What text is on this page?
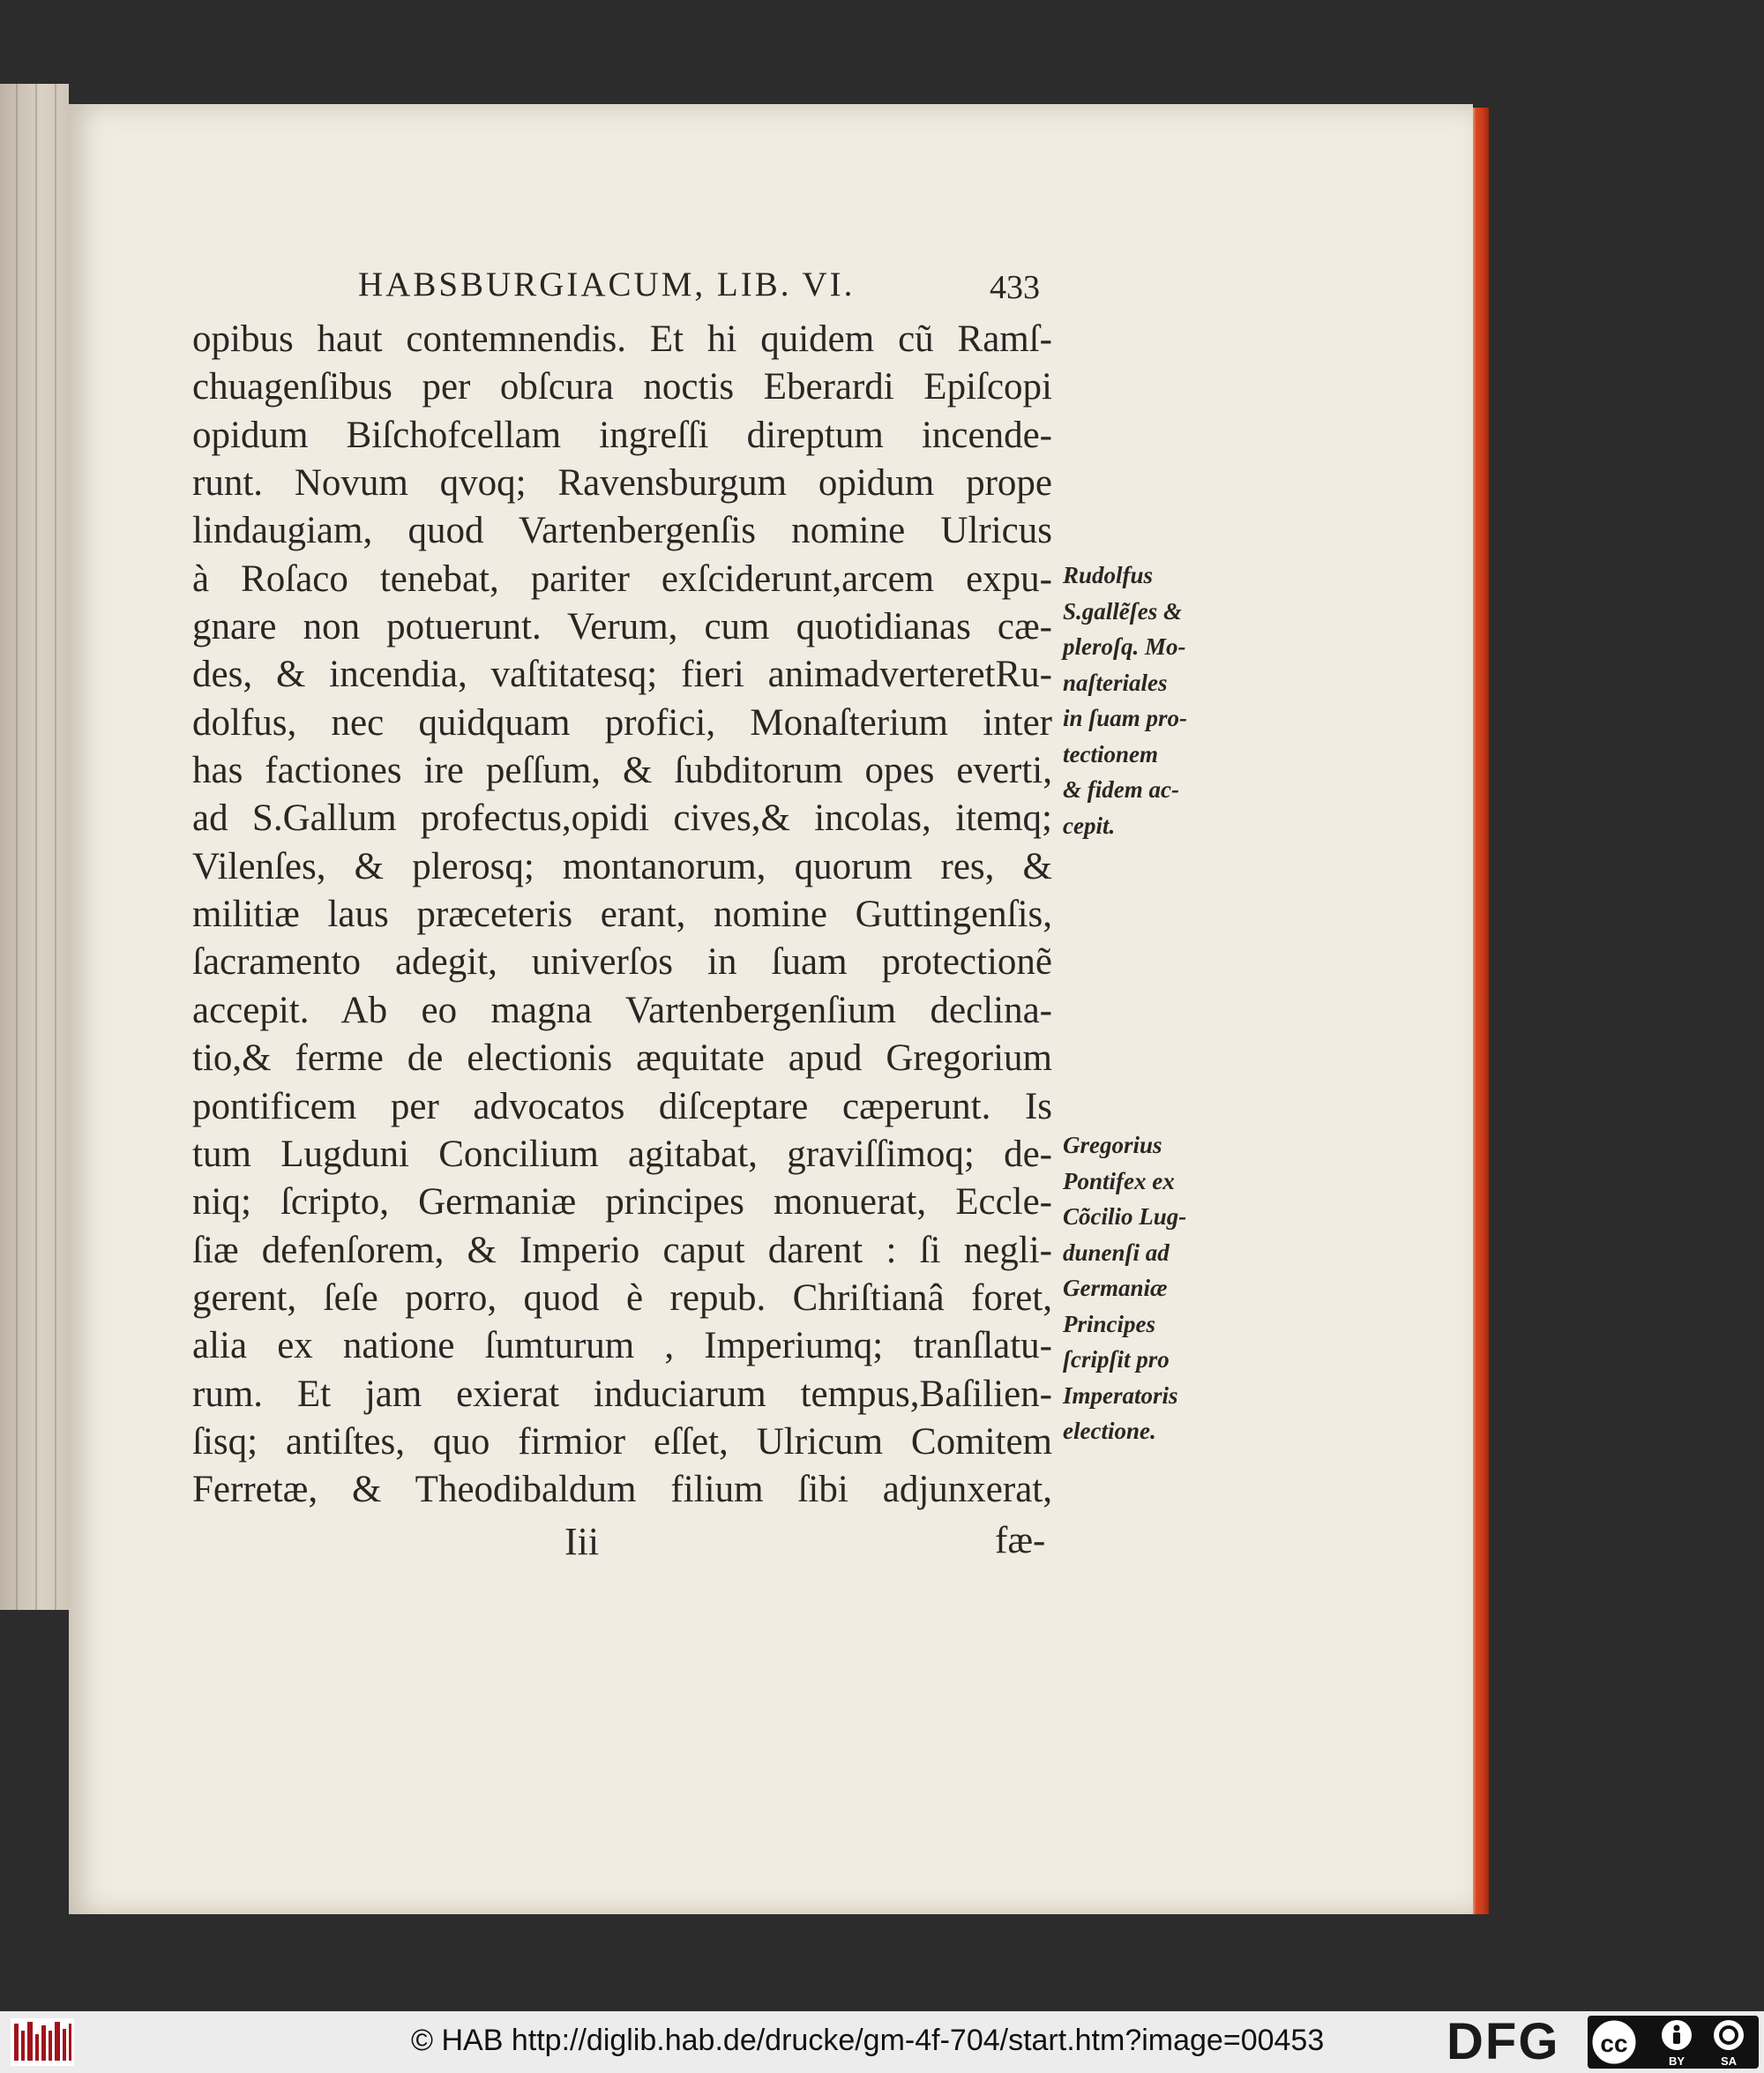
HABSBURGIACUM, LIB. VI.	433
opibus haut contemnendis. Et hi quidem cũ Ramſ-
chuagenſibus per obſcura noctis Eberardi Epiſcopi
opidum Biſchofcellam ingreſſi direptum incende-
runt. Novum qvoq; Ravensburgum opidum prope
lindaugiam, quod Vartenbergenſis nomine Ulricus
à Roſaco tenebat, pariter exſciderunt,arcem expu-
gnare non potuerunt. Verum, cum quotidianas cæ-
des, & incendia, vaſtitatesq; fieri animadverteretRu-
dolfus, nec quidquam profici, Monaſterium inter
has factiones ire peſſum, & ſubditorum opes everti,
ad S.Gallum profectus,opidi cives,& incolas, itemq;
Vilenſes, & plerosq; montanorum, quorum res, &
militiæ laus præceteris erant, nomine Guttingenſis,
ſacramento adegit, univerſos in ſuam protectionẽ
accepit. Ab eo magna Vartenbergenſium declina-
tio,& ferme de electionis æquitate apud Gregorium
pontificem per advocatos diſceptare cæperunt. Is
tum Lugduni Concilium agitabat, graviſſimoq; de-
niq; ſcripto, Germaniæ principes monuerat, Eccle-
ſiæ defenſorem, & Imperio caput darent : ſi negli-
gerent, ſeſe porro, quod è repub. Chriſtianâ foret,
alia ex natione ſumturum , Imperiumq; tranſlatu-
rum. Et jam exierat induciarum tempus,Baſilien-
ſisq; antiſtes, quo firmior eſſet, Ulricum Comitem
Ferretæ, & Theodibaldum filium ſibi adjunxerat,
Iii	fæ-
Rudolfus
S.gallẽſes &
pleroſq. Mo-
naſteriales
in ſuam pro-
tectionem
& fidem ac-
cepit.
Gregorius
Pontifex ex
Cõcilio Lug-
dunenſi ad
Germaniæ
Principes
ſcripſit pro
Imperatoris
electione.
© HAB http://diglib.hab.de/drucke/gm-4f-704/start.htm?image=00453 DFG cc
BY	SA
